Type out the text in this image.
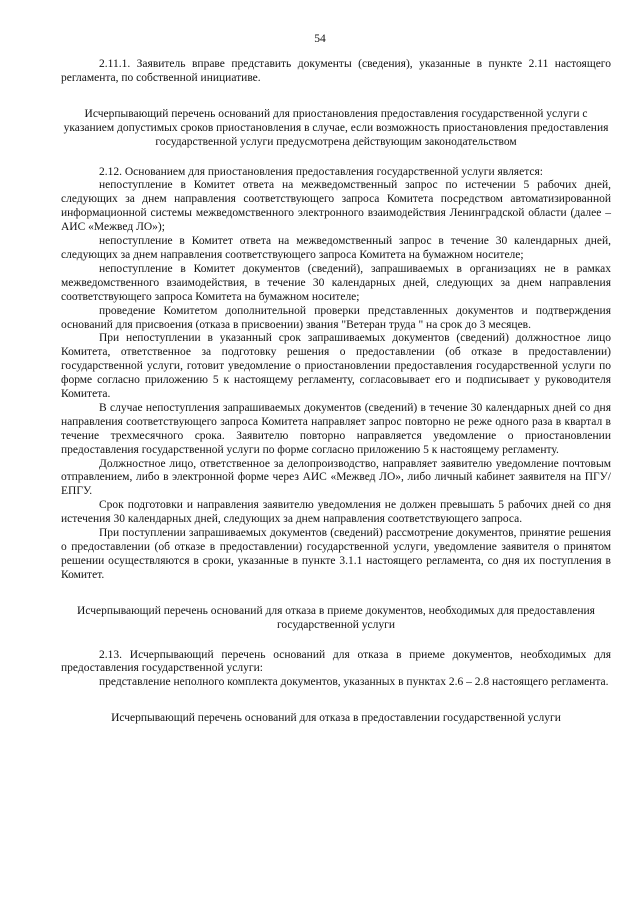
54

2.11.1. Заявитель вправе представить документы (сведения), указанные в пункте 2.11 настоящего регламента, по собственной инициативе.

Исчерпывающий перечень оснований для приостановления предоставления государственной услуги с указанием допустимых сроков приостановления в случае, если возможность приостановления предоставления государственной услуги предусмотрена действующим законодательством

2.12. Основанием для приостановления предоставления государственной услуги является:

непоступление в Комитет ответа на межведомственный запрос по истечении 5 рабочих дней, следующих за днем направления соответствующего запроса Комитета посредством автоматизированной информационной системы межведомственного электронного взаимодействия Ленинградской области (далее – АИС «Межвед ЛО»);

непоступление в Комитет ответа на межведомственный запрос в течение 30 календарных дней, следующих за днем направления соответствующего запроса Комитета на бумажном носителе;

непоступление в Комитет документов (сведений), запрашиваемых в организациях не в рамках межведомственного взаимодействия, в течение 30 календарных дней, следующих за днем направления соответствующего запроса Комитета на бумажном носителе;

проведение Комитетом дополнительной проверки представленных документов и подтверждения оснований для присвоения (отказа в присвоении) звания "Ветеран труда " на срок до 3 месяцев.

При непоступлении в указанный срок запрашиваемых документов (сведений) должностное лицо Комитета, ответственное за подготовку решения о предоставлении (об отказе в предоставлении) государственной услуги, готовит уведомление о приостановлении предоставления государственной услуги по форме согласно приложению 5 к настоящему регламенту, согласовывает его и подписывает у руководителя Комитета.

В случае непоступления запрашиваемых документов (сведений) в течение 30 календарных дней со дня направления соответствующего запроса Комитета направляет запрос повторно не реже одного раза в квартал в течение трехмесячного срока. Заявителю повторно направляется уведомление о приостановлении предоставления государственной услуги по форме согласно приложению 5 к настоящему регламенту.

Должностное лицо, ответственное за делопроизводство, направляет заявителю уведомление почтовым отправлением, либо в электронной форме через АИС «Межвед ЛО», либо личный кабинет заявителя на ПГУ/ ЕПГУ.

Срок подготовки и направления заявителю уведомления не должен превышать 5 рабочих дней со дня истечения 30 календарных дней, следующих за днем направления соответствующего запроса.

При поступлении запрашиваемых документов (сведений) рассмотрение документов, принятие решения о предоставлении (об отказе в предоставлении) государственной услуги, уведомление заявителя о принятом решении осуществляются в сроки, указанные в пункте 3.1.1 настоящего регламента, со дня их поступления в Комитет.

Исчерпывающий перечень оснований для отказа в приеме документов, необходимых для предоставления государственной услуги

2.13. Исчерпывающий перечень оснований для отказа в приеме документов, необходимых для предоставления государственной услуги:

представление неполного комплекта документов, указанных в пунктах 2.6 – 2.8 настоящего регламента.

Исчерпывающий перечень оснований для отказа в предоставлении государственной услуги
